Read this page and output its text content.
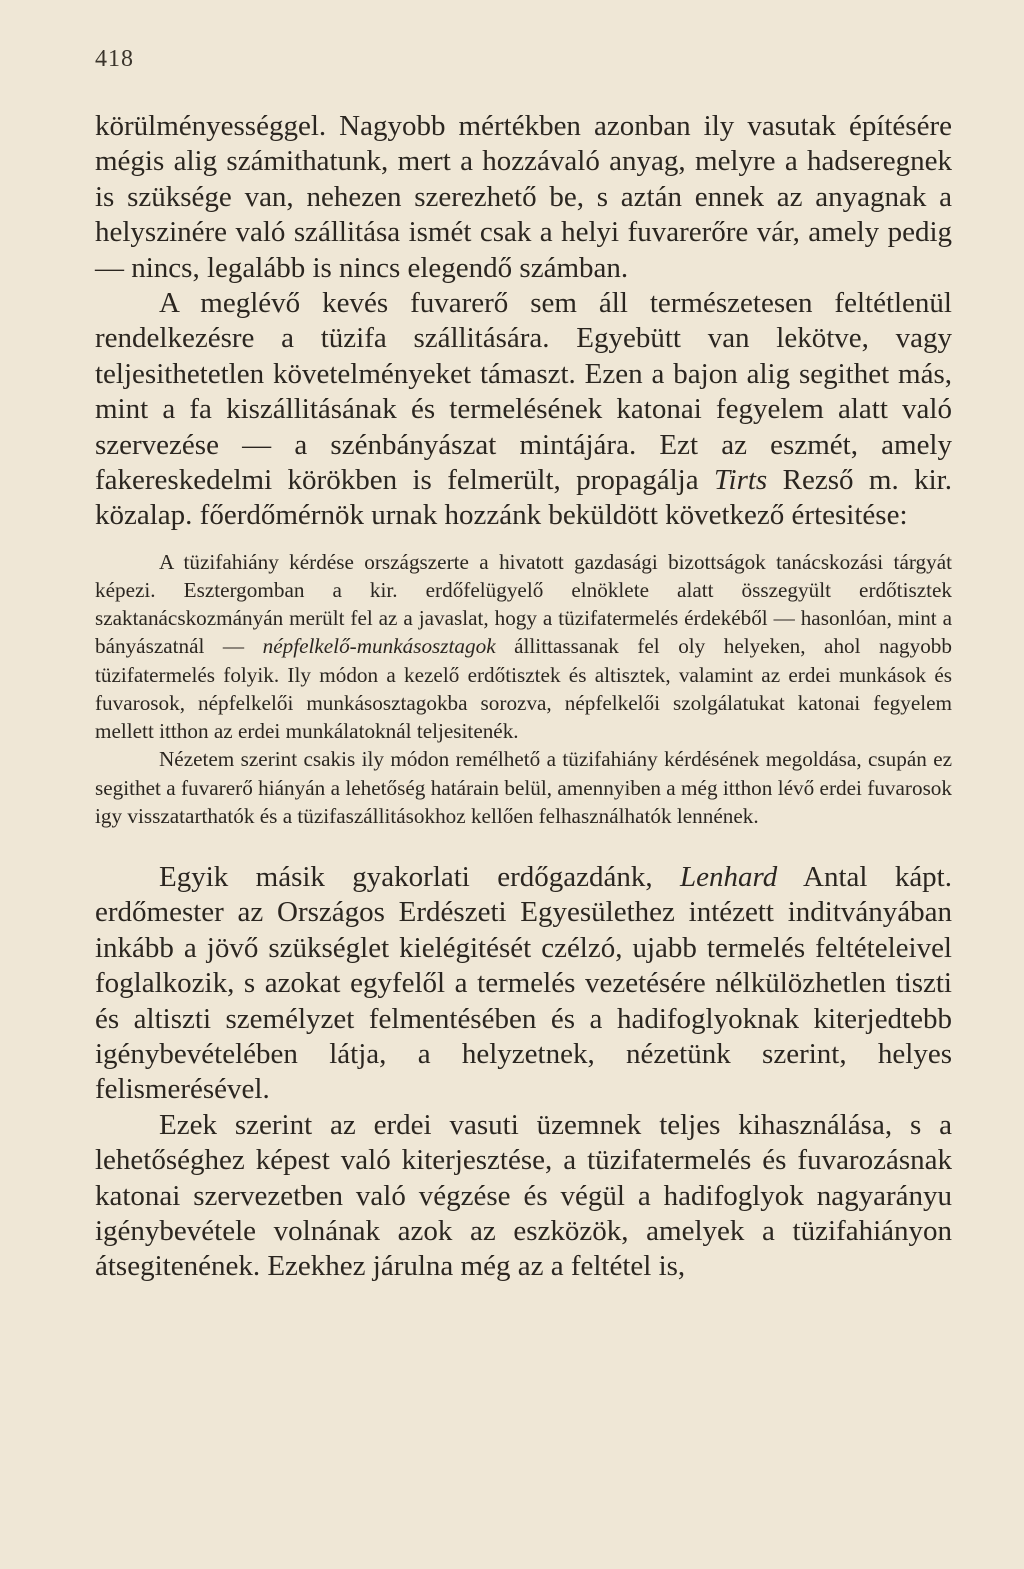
418

körülményességgel. Nagyobb mértékben azonban ily vasutak építésére mégis alig számithatunk, mert a hozzávaló anyag, melyre a hadseregnek is szüksége van, nehezen szerezhető be, s aztán ennek az anyagnak a helyszinére való szállitása ismét csak a helyi fuvarerőre vár, amely pedig — nincs, legalább is nincs elegendő számban.

A meglévő kevés fuvarerő sem áll természetesen feltétlenül rendelkezésre a tüzifa szállitására. Egyebütt van lekötve, vagy teljesithetetlen követelményeket támaszt. Ezen a bajon alig segithet más, mint a fa kiszállitásának és termelésének katonai fegyelem alatt való szervezése — a szénbányászat mintájára. Ezt az eszmét, amely fakereskedelmi körökben is felmerült, propagálja Tirts Rezső m. kir. közalap. főerdőmérnök urnak hozzánk beküldött következő értesitése:

A tüzifahiány kérdése országszerte a hivatott gazdasági bizottságok tanácskozási tárgyát képezi. Esztergomban a kir. erdőfelügyelő elnöklete alatt összegyült erdőtisztek szaktanácskozmányán merült fel az a javaslat, hogy a tüzifatermelés érdekéből — hasonlóan, mint a bányászatnál — népfelkelő-munkásosztagok állittassanak fel oly helyeken, ahol nagyobb tüzifatermelés folyik. Ily módon a kezelő erdőtisztek és altisztek, valamint az erdei munkások és fuvarosok, népfelkelői munkásosztagokba sorozva, népfelkelői szolgálatukat katonai fegyelem mellett itthon az erdei munkálatoknál teljesitenék.

Nézetem szerint csakis ily módon remélhető a tüzifahiány kérdésének megoldása, csupán ez segithet a fuvarerő hiányán a lehetőség határain belül, amennyiben a még itthon lévő erdei fuvarosok igy visszatarthatók és a tüzifaszállitásokhoz kellően felhasználhatók lennének.

Egyik másik gyakorlati erdőgazdánk, Lenhard Antal kápt. erdőmester az Országos Erdészeti Egyesülethez intézett inditványában inkább a jövő szükséglet kielégitését czélzó, ujabb termelés feltételeivel foglalkozik, s azokat egyfelől a termelés vezetésére nélkülözhetlen tiszti és altiszti személyzet felmentésében és a hadifoglyoknak kiterjedtebb igénybevételében látja, a helyzetnek, nézetünk szerint, helyes felismerésével.

Ezek szerint az erdei vasuti üzemnek teljes kihasználása, s a lehetőséghez képest való kiterjesztése, a tüzifatermelés és fuvarozásnak katonai szervezetben való végzése és végül a hadifoglyok nagyarányu igénybevétele volnának azok az eszközök, amelyek a tüzifahiányon átsegitenének. Ezekhez járulna még az a feltétel is,
